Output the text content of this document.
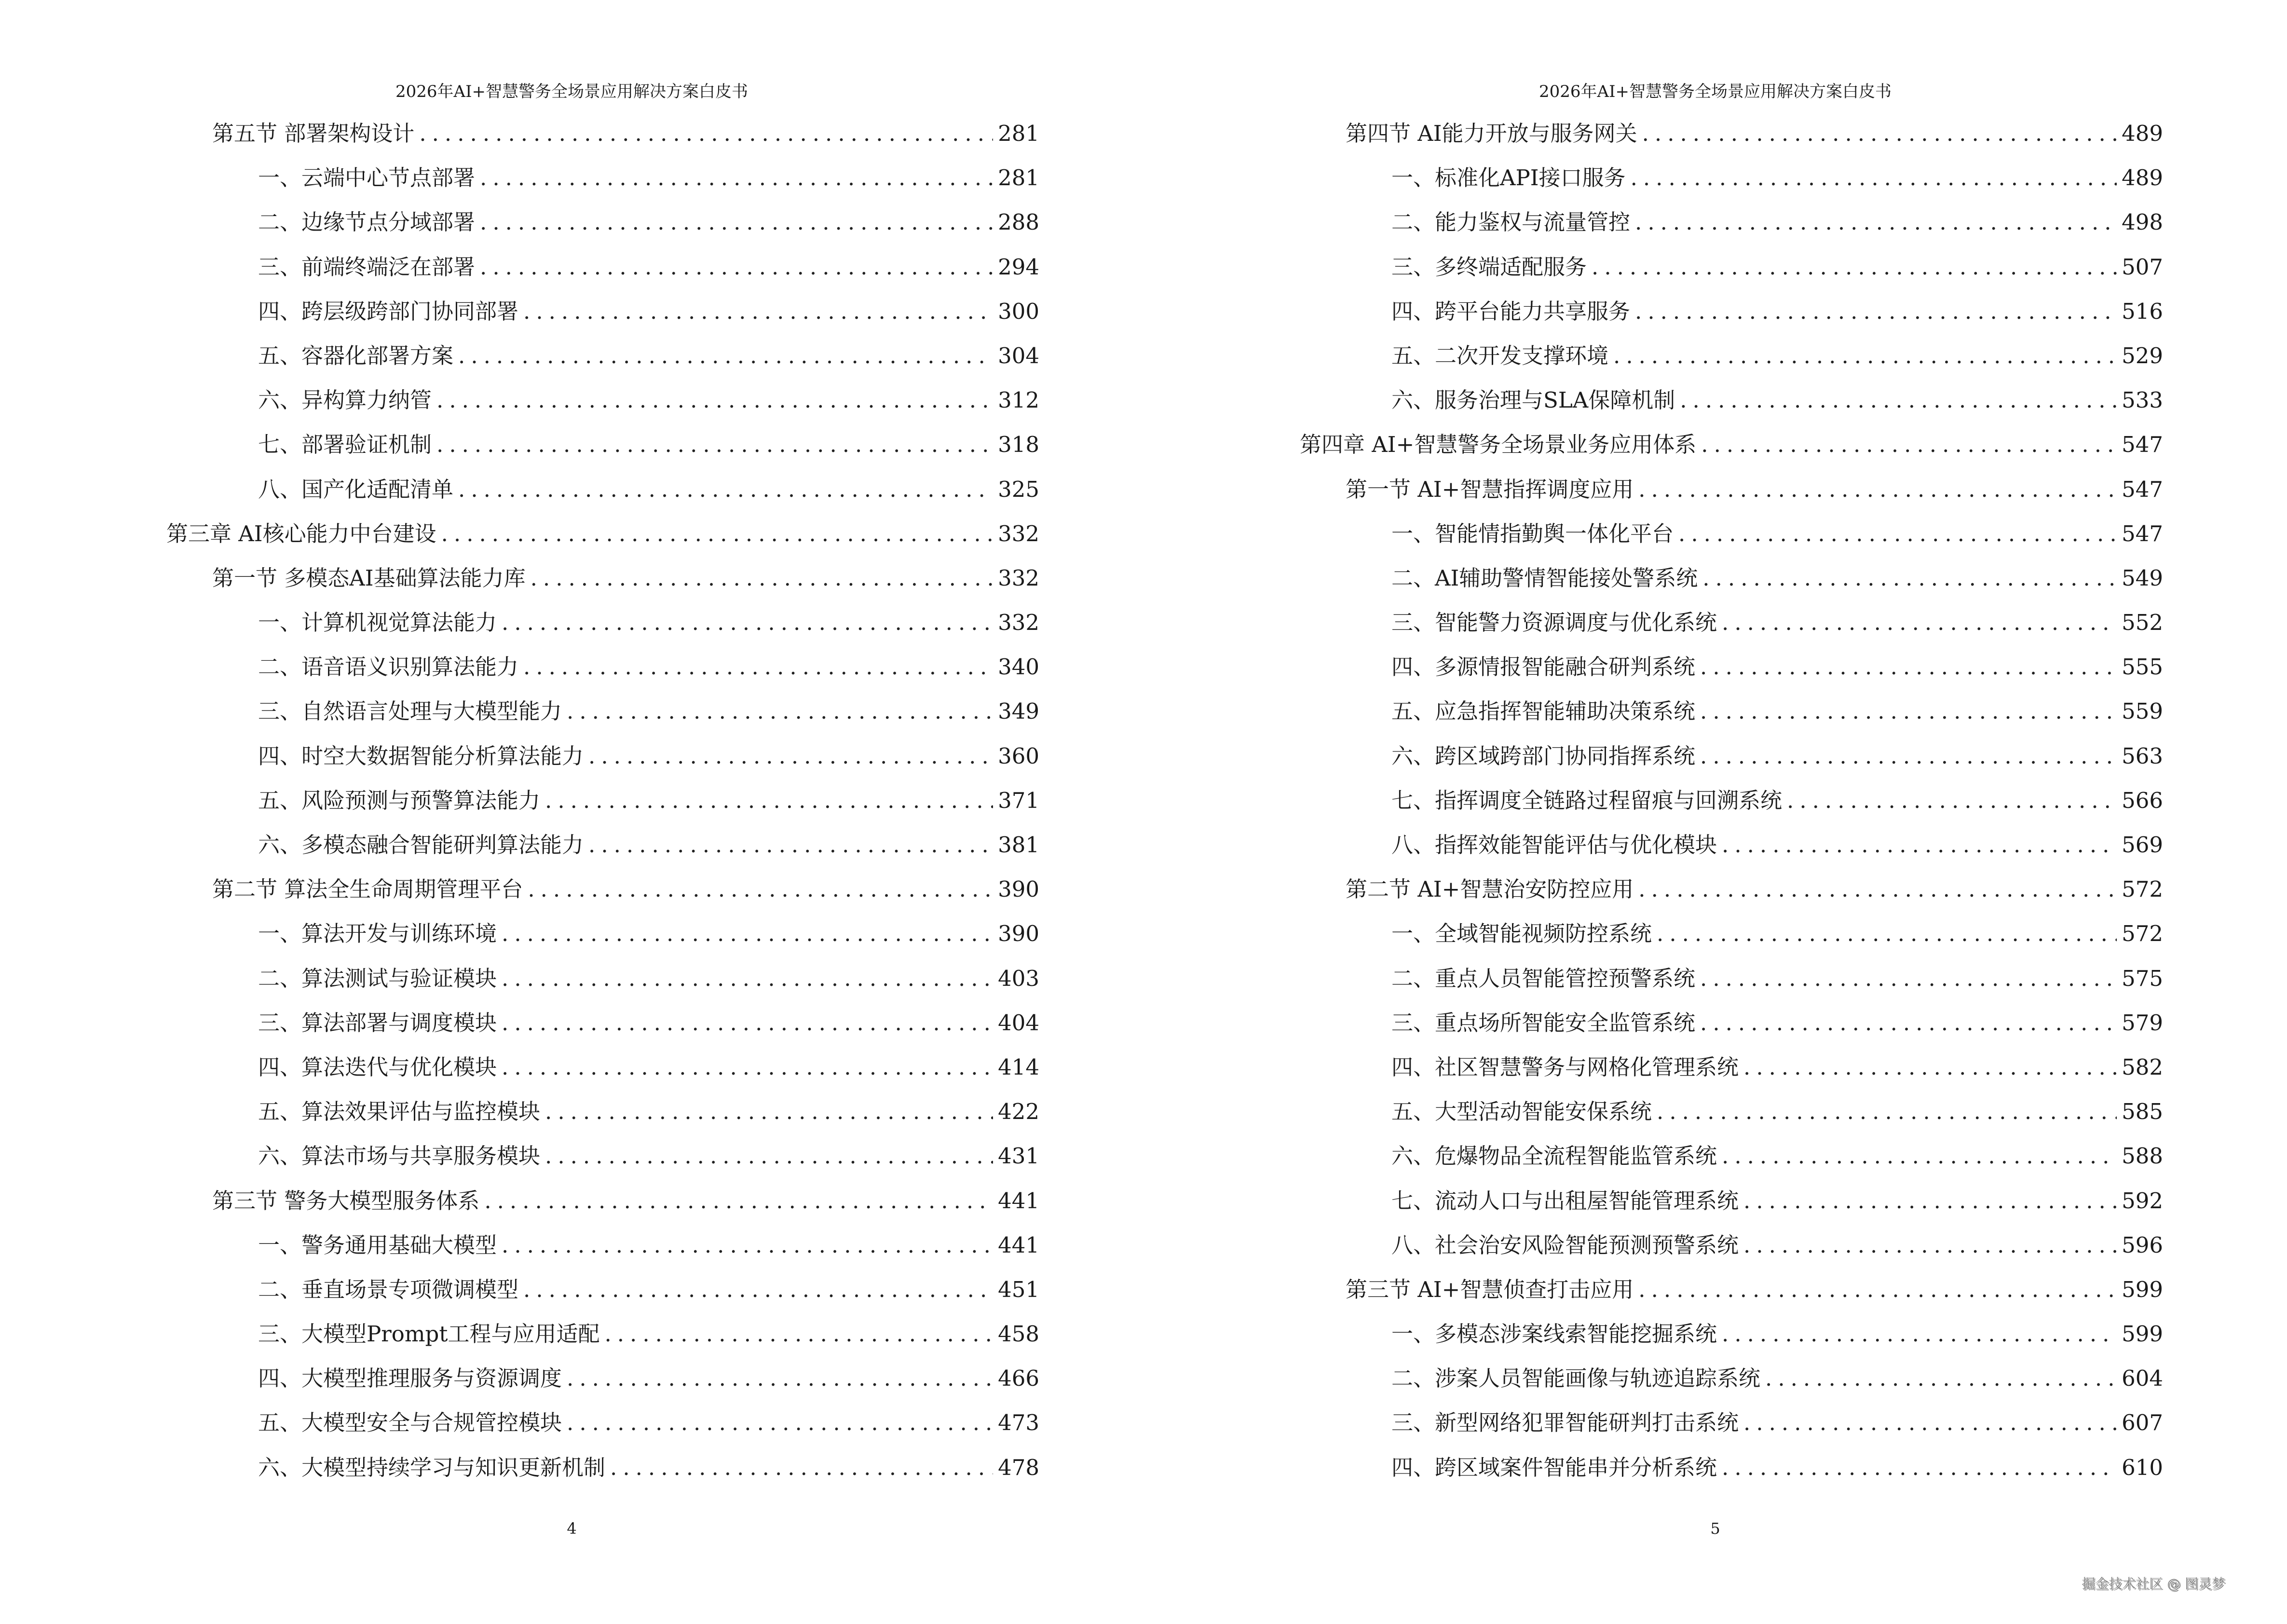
2026年AI+智慧警务全场景应用解决方案白皮书
第五节 部署架构设计 .....	281
一、云端中心节点部署 .....	281
二、边缘节点分域部署 .....	288
三、前端终端泛在部署 .....	294
四、跨层级跨部门协同部署 .....	300
五、容器化部署方案 .....	304
六、异构算力纳管 .....	312
七、部署验证机制 .....	318
八、国产化适配清单 .....	325
第三章 AI核心能力中台建设 .....	332
第一节 多模态AI基础算法能力库 .....	332
一、计算机视觉算法能力 .....	332
二、语音语义识别算法能力 .....	340
三、自然语言处理与大模型能力 .....	349
四、时空大数据智能分析算法能力 .....	360
五、风险预测与预警算法能力 .....	371
六、多模态融合智能研判算法能力 .....	381
第二节 算法全生命周期管理平台 .....	390
一、算法开发与训练环境 .....	390
二、算法测试与验证模块 .....	403
三、算法部署与调度模块 .....	404
四、算法迭代与优化模块 .....	414
五、算法效果评估与监控模块 .....	422
六、算法市场与共享服务模块 .....	431
第三节 警务大模型服务体系 .....	441
一、警务通用基础大模型 .....	441
二、垂直场景专项微调模型 .....	451
三、大模型Prompt工程与应用适配 .....	458
四、大模型推理服务与资源调度 .....	466
五、大模型安全与合规管控模块 .....	473
六、大模型持续学习与知识更新机制 .....	478
4
2026年AI+智慧警务全场景应用解决方案白皮书
第四节 AI能力开放与服务网关 .....	489
一、标准化API接口服务 .....	489
二、能力鉴权与流量管控 .....	498
三、多终端适配服务 .....	507
四、跨平台能力共享服务 .....	516
五、二次开发支撑环境 .....	529
六、服务治理与SLA保障机制 .....	533
第四章 AI+智慧警务全场景业务应用体系 .....	547
第一节 AI+智慧指挥调度应用 .....	547
一、智能情指勤舆一体化平台 .....	547
二、AI辅助警情智能接处警系统 .....	549
三、智能警力资源调度与优化系统 .....	552
四、多源情报智能融合研判系统 .....	555
五、应急指挥智能辅助决策系统 .....	559
六、跨区域跨部门协同指挥系统 .....	563
七、指挥调度全链路过程留痕与回溯系统 .....	566
八、指挥效能智能评估与优化模块 .....	569
第二节 AI+智慧治安防控应用 .....	572
一、全域智能视频防控系统 .....	572
二、重点人员智能管控预警系统 .....	575
三、重点场所智能安全监管系统 .....	579
四、社区智慧警务与网格化管理系统 .....	582
五、大型活动智能安保系统 .....	585
六、危爆物品全流程智能监管系统 .....	588
七、流动人口与出租屋智能管理系统 .....	592
八、社会治安风险智能预测预警系统 .....	596
第三节 AI+智慧侦查打击应用 .....	599
一、多模态涉案线索智能挖掘系统 .....	599
二、涉案人员智能画像与轨迹追踪系统 .....	604
三、新型网络犯罪智能研判打击系统 .....	607
四、跨区域案件智能串并分析系统 .....	610
5
掘金技术社区 @ 图灵梦
